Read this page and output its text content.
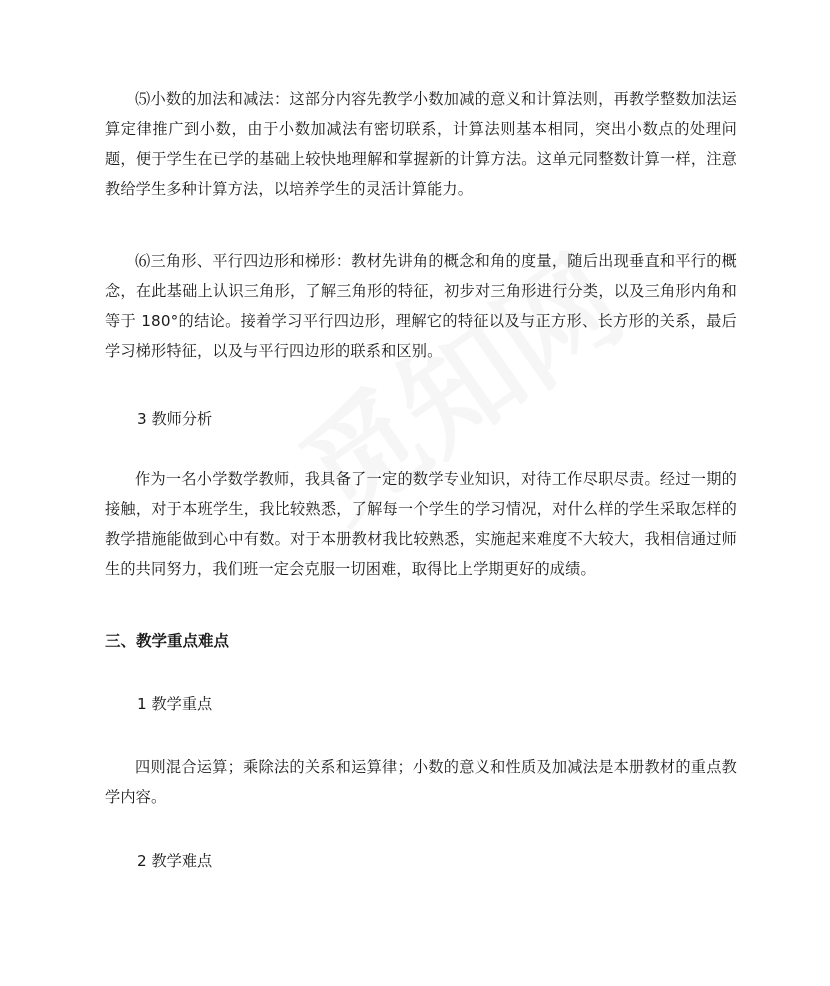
⑸小数的加法和减法：这部分内容先教学小数加减的意义和计算法则，再教学整数加法运算定律推广到小数，由于小数加减法有密切联系，计算法则基本相同，突出小数点的处理问题，便于学生在已学的基础上较快地理解和掌握新的计算方法。这单元同整数计算一样，注意教给学生多种计算方法，以培养学生的灵活计算能力。

⑹三角形、平行四边形和梯形：教材先讲角的概念和角的度量，随后出现垂直和平行的概念，在此基础上认识三角形，了解三角形的特征，初步对三角形进行分类，以及三角形内角和等于 180°的结论。接着学习平行四边形，理解它的特征以及与正方形、长方形的关系，最后学习梯形特征，以及与平行四边形的联系和区别。

3 教师分析

作为一名小学数学教师，我具备了一定的数学专业知识，对待工作尽职尽责。经过一期的接触，对于本班学生，我比较熟悉，了解每一个学生的学习情况，对什么样的学生采取怎样的教学措施能做到心中有数。对于本册教材我比较熟悉，实施起来难度不大较大，我相信通过师生的共同努力，我们班一定会克服一切困难，取得比上学期更好的成绩。

三、教学重点难点

1 教学重点

四则混合运算；乘除法的关系和运算律；小数的意义和性质及加减法是本册教材的重点教学内容。

2 教学难点
